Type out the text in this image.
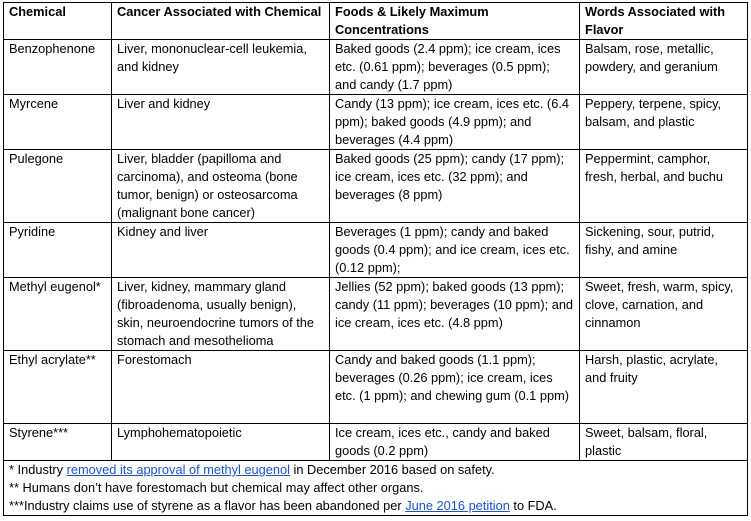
Chemical	Cancer Associated with Chemical	Foods & Likely Maximum Concentrations	Words Associated with Flavor
Benzophenone	Liver, mononuclear-cell leukemia, and kidney	Baked goods (2.4 ppm); ice cream, ices etc. (0.61 ppm); beverages (0.5 ppm); and candy (1.7 ppm)	Balsam, rose, metallic, powdery, and geranium
Myrcene	Liver and kidney	Candy (13 ppm); ice cream, ices etc. (6.4 ppm); baked goods (4.9 ppm); and beverages (4.4 ppm)	Peppery, terpene, spicy, balsam, and plastic
Pulegone	Liver, bladder (papilloma and carcinoma), and osteoma (bone tumor, benign) or osteosarcoma (malignant bone cancer)	Baked goods (25 ppm); candy (17 ppm); ice cream, ices etc. (32 ppm); and beverages (8 ppm)	Peppermint, camphor, fresh, herbal, and buchu
Pyridine	Kidney and liver	Beverages (1 ppm); candy and baked goods (0.4 ppm); and ice cream, ices etc. (0.12 ppm);	Sickening, sour, putrid, fishy, and amine
Methyl eugenol*	Liver, kidney, mammary gland (fibroadenoma, usually benign), skin, neuroendocrine tumors of the stomach and mesothelioma	Jellies (52 ppm); baked goods (13 ppm); candy (11 ppm); beverages (10 ppm); and ice cream, ices etc. (4.8 ppm)	Sweet, fresh, warm, spicy, clove, carnation, and cinnamon
Ethyl acrylate**	Forestomach	Candy and baked goods (1.1 ppm); beverages (0.26 ppm); ice cream, ices etc. (1 ppm); and chewing gum (0.1 ppm)	Harsh, plastic, acrylate, and fruity
Styrene***	Lymphohematopoietic	Ice cream, ices etc., candy and baked goods (0.2 ppm)	Sweet, balsam, floral, plastic

* Industry removed its approval of methyl eugenol in December 2016 based on safety.
** Humans don’t have forestomach but chemical may affect other organs.
***Industry claims use of styrene as a flavor has been abandoned per June 2016 petition to FDA.			
